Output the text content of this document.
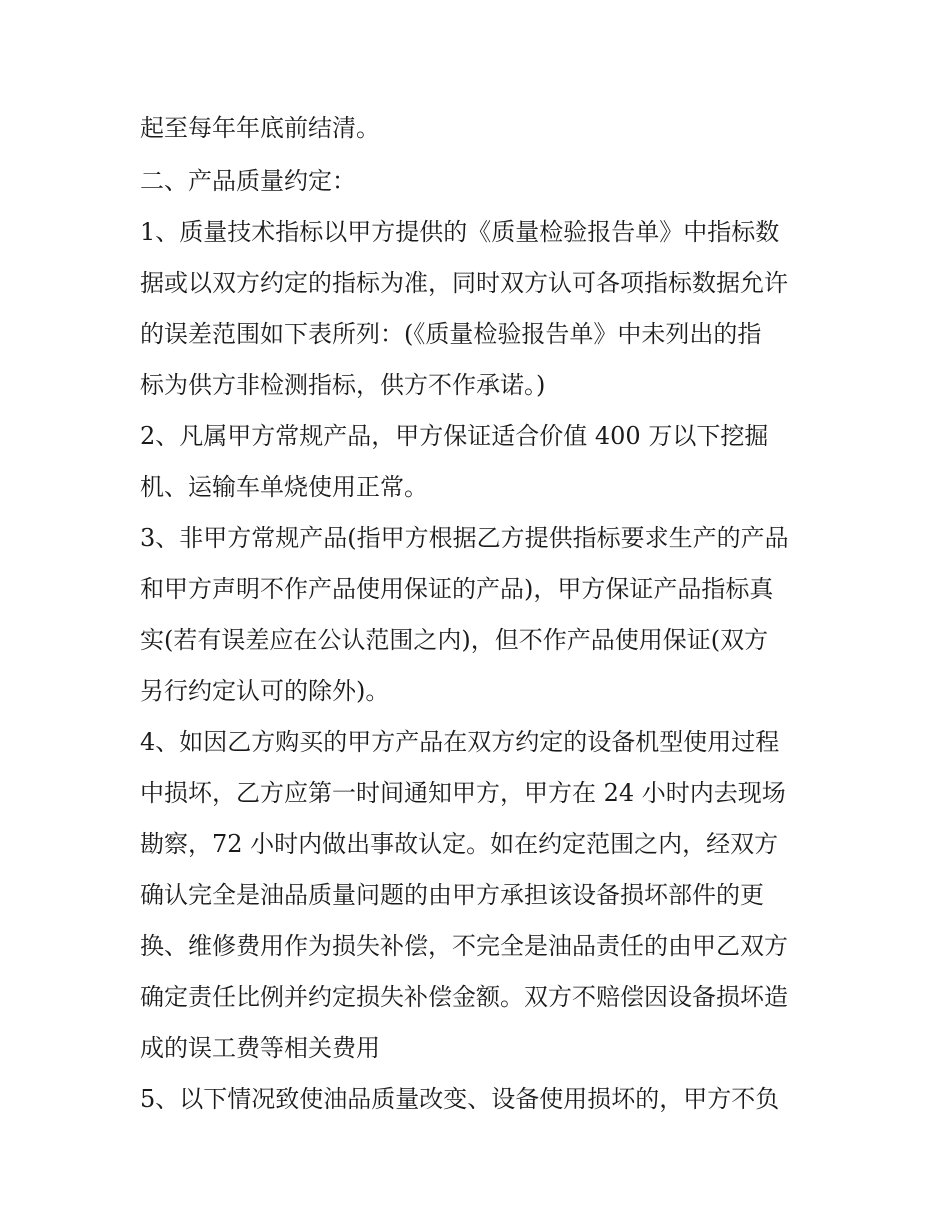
起至每年年底前结清。
二、产品质量约定：
1、质量技术指标以甲方提供的《质量检验报告单》中指标数
据或以双方约定的指标为准，同时双方认可各项指标数据允许
的误差范围如下表所列：(《质量检验报告单》中未列出的指
标为供方非检测指标，供方不作承诺。)
2、凡属甲方常规产品，甲方保证适合价值 400 万以下挖掘
机、运输车单烧使用正常。
3、非甲方常规产品(指甲方根据乙方提供指标要求生产的产品
和甲方声明不作产品使用保证的产品)，甲方保证产品指标真
实(若有误差应在公认范围之内)，但不作产品使用保证(双方
另行约定认可的除外)。
4、如因乙方购买的甲方产品在双方约定的设备机型使用过程
中损坏，乙方应第一时间通知甲方，甲方在 24 小时内去现场
勘察，72 小时内做出事故认定。如在约定范围之内，经双方
确认完全是油品质量问题的由甲方承担该设备损坏部件的更
换、维修费用作为损失补偿，不完全是油品责任的由甲乙双方
确定责任比例并约定损失补偿金额。双方不赔偿因设备损坏造
成的误工费等相关费用
5、以下情况致使油品质量改变、设备使用损坏的，甲方不负
